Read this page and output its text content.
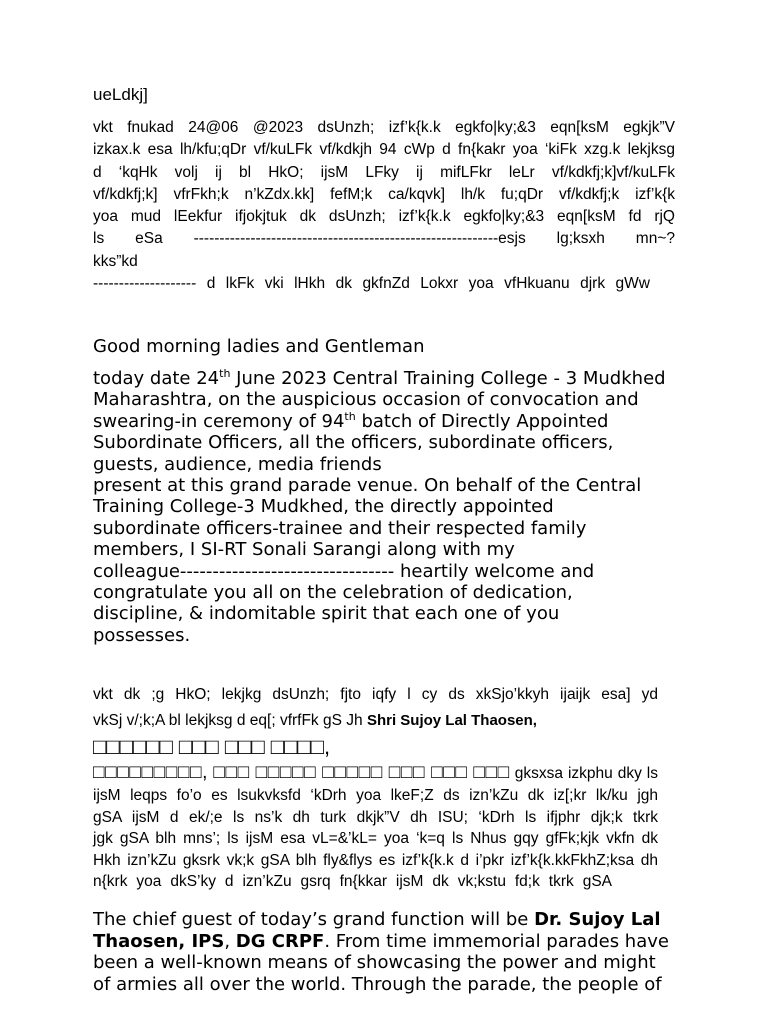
ueLdkj]
vkt fnukad 24@06 @2023 dsUnzh; izf’k{k.k egkfo|ky;&3 eqn[ksM egkjk”V
izkax.k esa lh/kfu;qDr vf/kuLFk vf/kdkjh 94 cWp d fn{kakr yoa ‘kiFk xzg.k lekjksg
d ‘kqHk volj ij bl HkO; ijsM LFky ij mifLFkr leLr vf/kdkfj;k]vf/kuLFk
vf/kdkfj;k] vfrFkh;k n’kZdx.kk] fefM;k ca/kqvk] lh/k fu;qDr vf/kdkfj;k izf’k{k
yoa mud lEekfur ifjokjtuk dk dsUnzh; izf’k{k.k egkfo|ky;&3 eqn[ksM fd rjQ
ls eSa -----------------------------------------------------------esjs lg;ksxh mn~?
kks”kd
-------------------- d lkFk vki lHkh dk gkfnZd Lokxr yoa vfHkuanu djrk gWw
Good morning ladies and Gentleman
today date 24th June 2023 Central Training College - 3 Mudkhed
Maharashtra, on the auspicious occasion of convocation and
swearing-in ceremony of 94th batch of Directly Appointed
Subordinate Officers, all the officers, subordinate officers,
guests, audience, media friends
present at this grand parade venue. On behalf of the Central
Training College-3 Mudkhed, the directly appointed
subordinate officers-trainee and their respected family
members, I SI-RT Sonali Sarangi along with my
colleague--------------------------------- heartily welcome and
congratulate you all on the celebration of dedication,
discipline, & indomitable spirit that each one of you
possesses.
vkt dk ;g HkO; lekjkg dsUnzh; fjto iqfy l cy ds xkSjo’kkyh ijaijk esa] yd
vkSj v/;k;A bl lekjksg d eq[; vfrfFk gS Jh Shri Sujoy Lal Thaosen,
□□□□□□ □□□ □□□ □□□□,
□□□□□□□□□, □□□ □□□□□ □□□□□ □□□ □□□ □□□ gksxsa izkphu dky ls
ijsM leqps fo’o es lsukvksfd ‘kDrh yoa lkeF;Z ds izn’kZu dk iz[;kr lk/ku jgh
gSA ijsM d ek/;e ls ns’k dh turk dkjk”V dh ISU; ‘kDrh ls ifjphr djk;k tkrk
jgk gSA blh mns’; ls ijsM esa vL=&’kL= yoa ‘k=q ls Nhus gqy gfFk;kjk vkfn dk
Hkh izn’kZu gksrk vk;k gSA blh fly&flys es izf’k{k.k d i’pkr izf’k{k.kkFkhZ;ksa dh
n{krk yoa dkS’ky d izn’kZu gsrq fn{kkar ijsM dk vk;kstu fd;k tkrk gSA
The chief guest of today’s grand function will be Dr. Sujoy Lal
Thaosen, IPS, DG CRPF. From time immemorial parades have
been a well-known means of showcasing the power and might
of armies all over the world. Through the parade, the people of
